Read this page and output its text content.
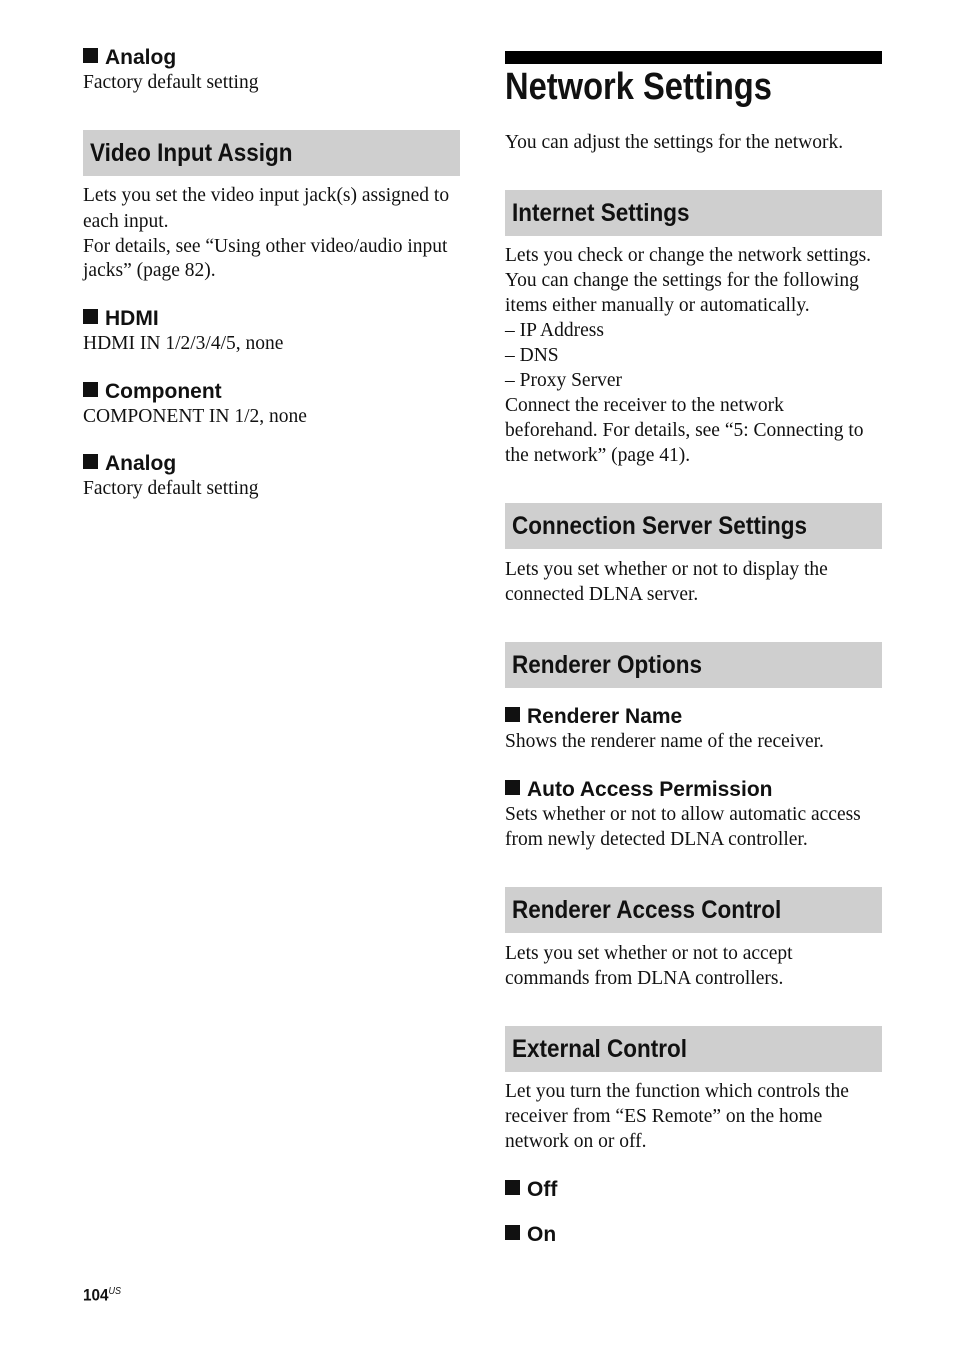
Analog
Factory default setting
Video Input Assign
Lets you set the video input jack(s) assigned to
each input.
For details, see “Using other video/audio input
jacks” (page 82).
HDMI
HDMI IN 1/2/3/4/5, none
Component
COMPONENT IN 1/2, none
Analog
Factory default setting
Network Settings
You can adjust the settings for the network.
Internet Settings
Lets you check or change the network settings.
You can change the settings for the following
items either manually or automatically.
– IP Address
– DNS
– Proxy Server
Connect the receiver to the network
beforehand. For details, see “5: Connecting to
the network” (page 41).
Connection Server Settings
Lets you set whether or not to display the
connected DLNA server.
Renderer Options
Renderer Name
Shows the renderer name of the receiver.
Auto Access Permission
Sets whether or not to allow automatic access
from newly detected DLNA controller.
Renderer Access Control
Lets you set whether or not to accept
commands from DLNA controllers.
External Control
Let you turn the function which controls the
receiver from “ES Remote” on the home
network on or off.
Off
On
$104^{US}$
